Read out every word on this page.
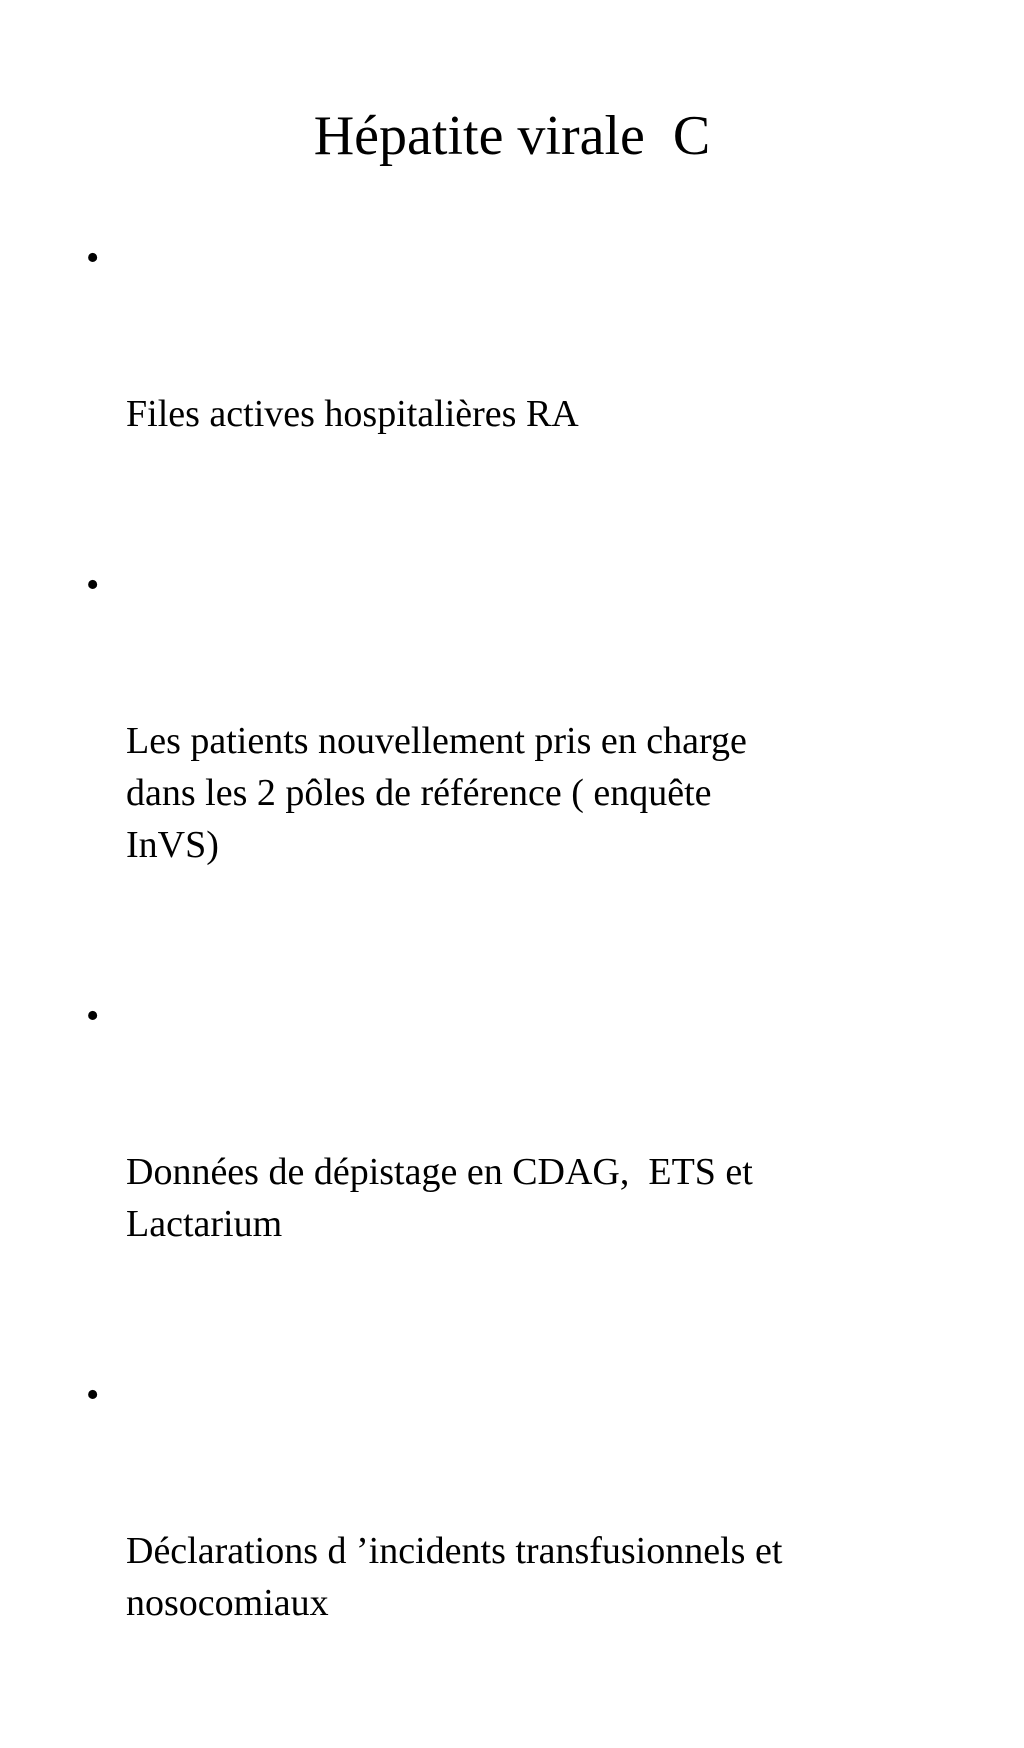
Hépatite virale  C

•

Files actives hospitalières RA

•

Les patients nouvellement pris en charge
dans les 2 pôles de référence ( enquête
InVS)

•

Données de dépistage en CDAG,  ETS et
Lactarium

•

Déclarations d ’incidents transfusionnels et
nosocomiaux
